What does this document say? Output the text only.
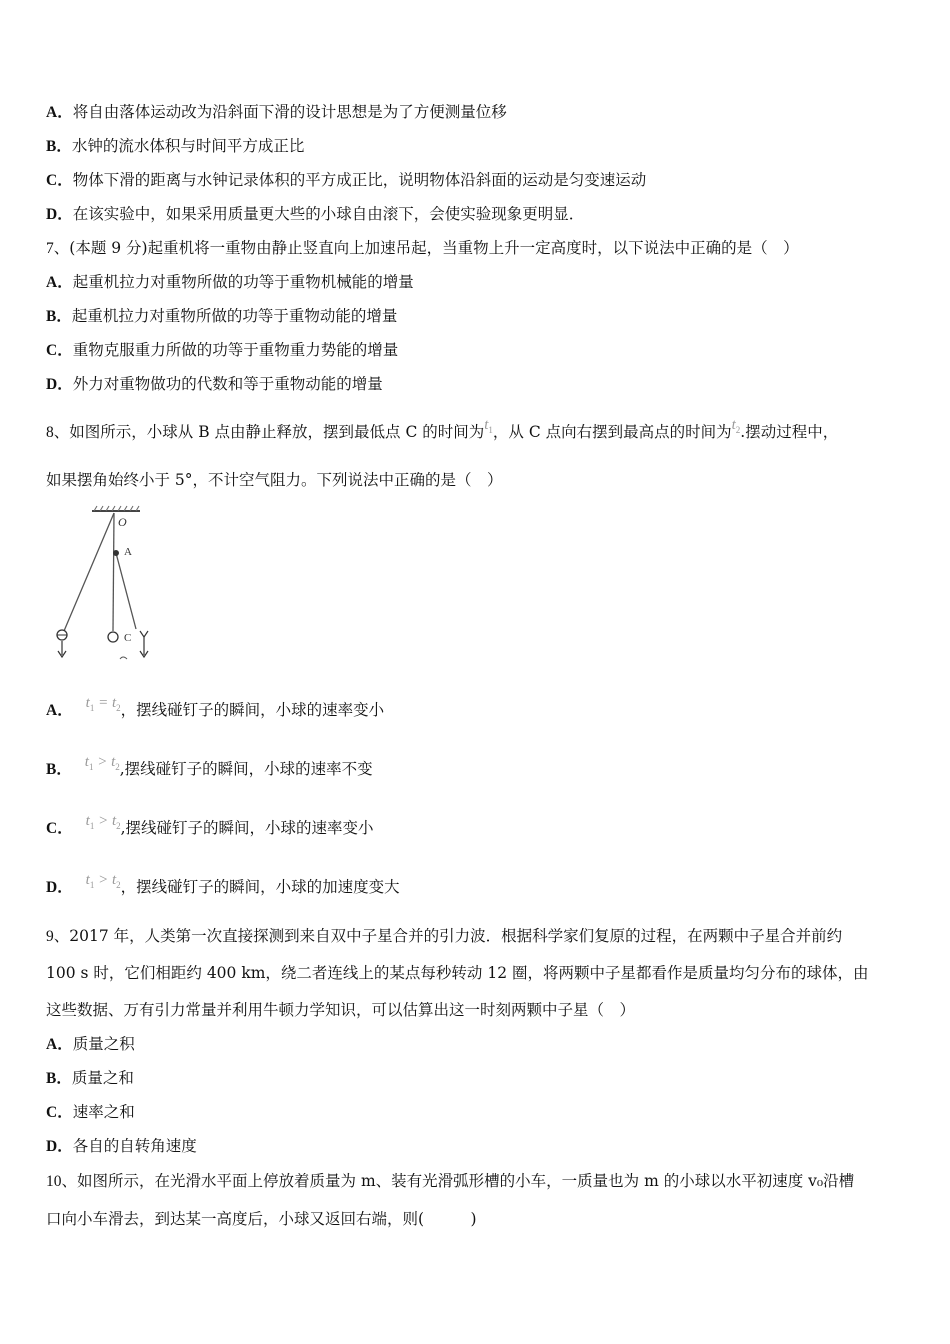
A．将自由落体运动改为沿斜面下滑的设计思想是为了方便测量位移
B．水钟的流水体积与时间平方成正比
C．物体下滑的距离与水钟记录体积的平方成正比，说明物体沿斜面的运动是匀变速运动
D．在该实验中，如果采用质量更大些的小球自由滚下，会使实验现象更明显．
7、(本题 9 分)起重机将一重物由静止竖直向上加速吊起，当重物上升一定高度时，以下说法中正确的是（　）
A．起重机拉力对重物所做的功等于重物机械能的增量
B．起重机拉力对重物所做的功等于重物动能的增量
C．重物克服重力所做的功等于重物重力势能的增量
D．外力对重物做功的代数和等于重物动能的增量
8、如图所示，小球从 B 点由静止释放，摆到最低点 C 的时间为$t_1$，从 C 点向右摆到最高点的时间为$t_2$.摆动过程中，
如果摆角始终小于 5°，不计空气阻力。下列说法中正确的是（　）
O
A
C
A． $t_1 = t_2$，摆线碰钉子的瞬间，小球的速率变小
B． $t_1 > t_2$,摆线碰钉子的瞬间，小球的速率不变
C． $t_1 > t_2$,摆线碰钉子的瞬间，小球的速率变小
D． $t_1 > t_2$，摆线碰钉子的瞬间，小球的加速度变大
9、2017 年，人类第一次直接探测到来自双中子星合并的引力波．根据科学家们复原的过程，在两颗中子星合并前约
100 s 时，它们相距约 400 km，绕二者连线上的某点每秒转动 12 圈，将两颗中子星都看作是质量均匀分布的球体，由
这些数据、万有引力常量并利用牛顿力学知识，可以估算出这一时刻两颗中子星（　）
A．质量之积
B．质量之和
C．速率之和
D．各自的自转角速度
10、如图所示，在光滑水平面上停放着质量为 m、装有光滑弧形槽的小车，一质量也为 m 的小球以水平初速度 v₀沿槽
口向小车滑去，到达某一高度后，小球又返回右端，则(　　　)
